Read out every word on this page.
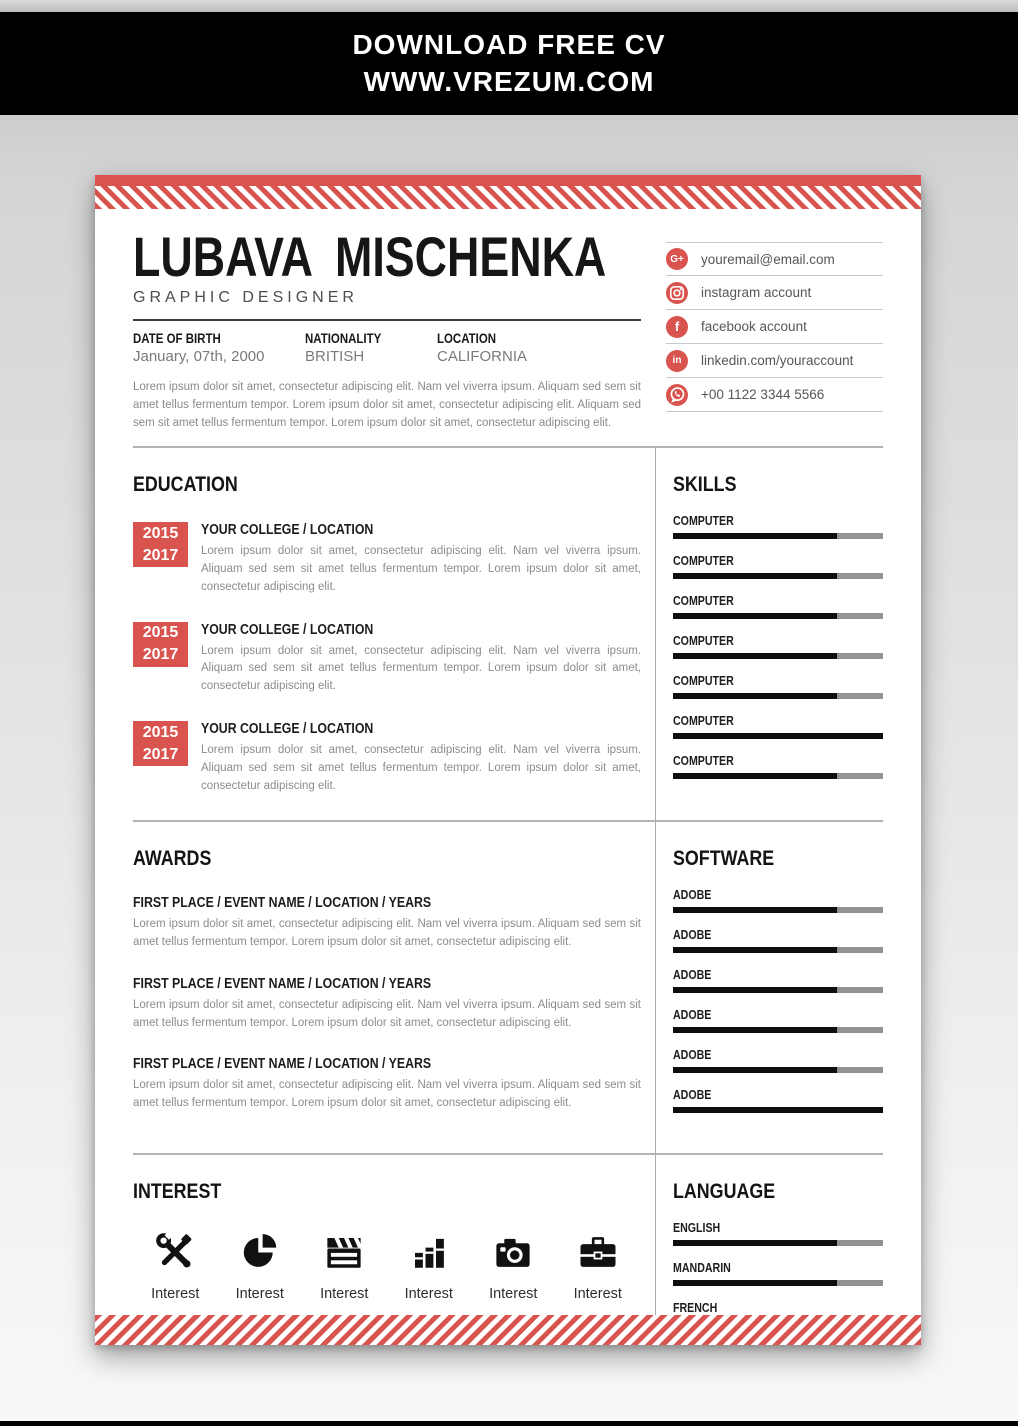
DOWNLOAD FREE CV
WWW.VREZUM.COM
LUBAVA MISCHENKA
GRAPHIC DESIGNER
DATE OF BIRTH
January, 07th, 2000
NATIONALITY
BRITISH
LOCATION
CALIFORNIA
Lorem ipsum dolor sit amet, consectetur adipiscing elit. Nam vel viverra ipsum. Aliquam sed sem sit amet tellus fermentum tempor. Lorem ipsum dolor sit amet, consectetur adipiscing elit. Aliquam sed sem sit amet tellus fermentum tempor. Lorem ipsum dolor sit amet, consectetur adipiscing elit.
G+ youremail@email.com
instagram account
f facebook account
in linkedin.com/youraccount
+00 1122 3344 5566
EDUCATION
2015
2017
YOUR COLLEGE / LOCATION
Lorem ipsum dolor sit amet, consectetur adipiscing elit. Nam vel viverra ipsum. Aliquam sed sem sit amet tellus fermentum tempor. Lorem ipsum dolor sit amet, consectetur adipiscing elit.
2015
2017
YOUR COLLEGE / LOCATION
Lorem ipsum dolor sit amet, consectetur adipiscing elit. Nam vel viverra ipsum. Aliquam sed sem sit amet tellus fermentum tempor. Lorem ipsum dolor sit amet, consectetur adipiscing elit.
2015
2017
YOUR COLLEGE / LOCATION
Lorem ipsum dolor sit amet, consectetur adipiscing elit. Nam vel viverra ipsum. Aliquam sed sem sit amet tellus fermentum tempor. Lorem ipsum dolor sit amet, consectetur adipiscing elit.
SKILLS
COMPUTER
COMPUTER
COMPUTER
COMPUTER
COMPUTER
COMPUTER
COMPUTER
AWARDS
FIRST PLACE / EVENT NAME / LOCATION / YEARS
Lorem ipsum dolor sit amet, consectetur adipiscing elit. Nam vel viverra ipsum. Aliquam sed sem sit amet tellus fermentum tempor. Lorem ipsum dolor sit amet, consectetur adipiscing elit.
FIRST PLACE / EVENT NAME / LOCATION / YEARS
Lorem ipsum dolor sit amet, consectetur adipiscing elit. Nam vel viverra ipsum. Aliquam sed sem sit amet tellus fermentum tempor. Lorem ipsum dolor sit amet, consectetur adipiscing elit.
FIRST PLACE / EVENT NAME / LOCATION / YEARS
Lorem ipsum dolor sit amet, consectetur adipiscing elit. Nam vel viverra ipsum. Aliquam sed sem sit amet tellus fermentum tempor. Lorem ipsum dolor sit amet, consectetur adipiscing elit.
SOFTWARE
ADOBE
ADOBE
ADOBE
ADOBE
ADOBE
ADOBE
INTEREST
Interest	Interest	Interest	Interest	Interest	Interest
LANGUAGE
ENGLISH
MANDARIN
FRENCH
